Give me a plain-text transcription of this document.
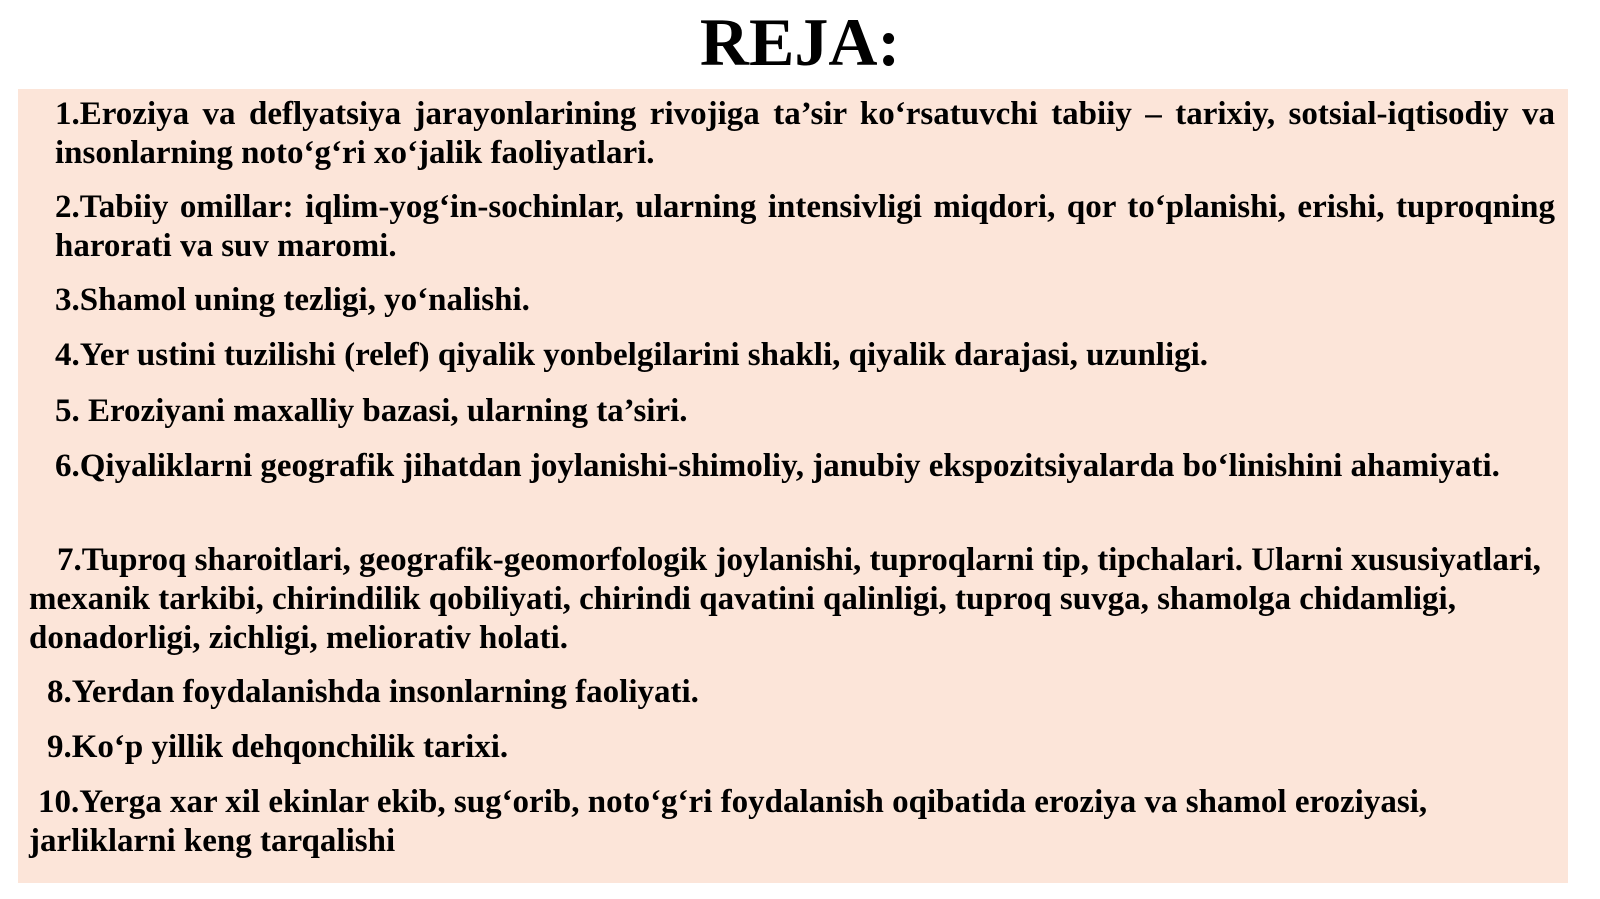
REJA:

1.Eroziya va deflyatsiya jarayonlarining rivojiga ta’sir ko‘rsatuvchi tabiiy – tarixiy, sotsial-iqtisodiy va insonlarning noto‘g‘ri xo‘jalik faoliyatlari.

2.Tabiiy omillar: iqlim-yog‘in-sochinlar, ularning intensivligi miqdori, qor to‘planishi, erishi, tuproqning harorati va suv maromi.

3.Shamol uning tezligi, yo‘nalishi.

4.Yer ustini tuzilishi (relef) qiyalik yonbelgilarini shakli, qiyalik darajasi, uzunligi.

5. Eroziyani maxalliy bazasi, ularning ta’siri.

6.Qiyaliklarni geografik jihatdan joylanishi-shimoliy, janubiy ekspozitsiyalarda bo‘linishini ahamiyati.

7.Tuproq sharoitlari, geografik-geomorfologik joylanishi, tuproqlarni tip, tipchalari. Ularni xususiyatlari, mexanik tarkibi, chirindilik qobiliyati, chirindi qavatini qalinligi, tuproq suvga, shamolga chidamligi, donadorligi, zichligi, meliorativ holati.

8.Yerdan foydalanishda insonlarning faoliyati.

9.Ko‘p yillik dehqonchilik tarixi.

10.Yerga xar xil ekinlar ekib, sug‘orib, noto‘g‘ri foydalanish oqibatida eroziya va shamol eroziyasi, jarliklarni keng tarqalishi
